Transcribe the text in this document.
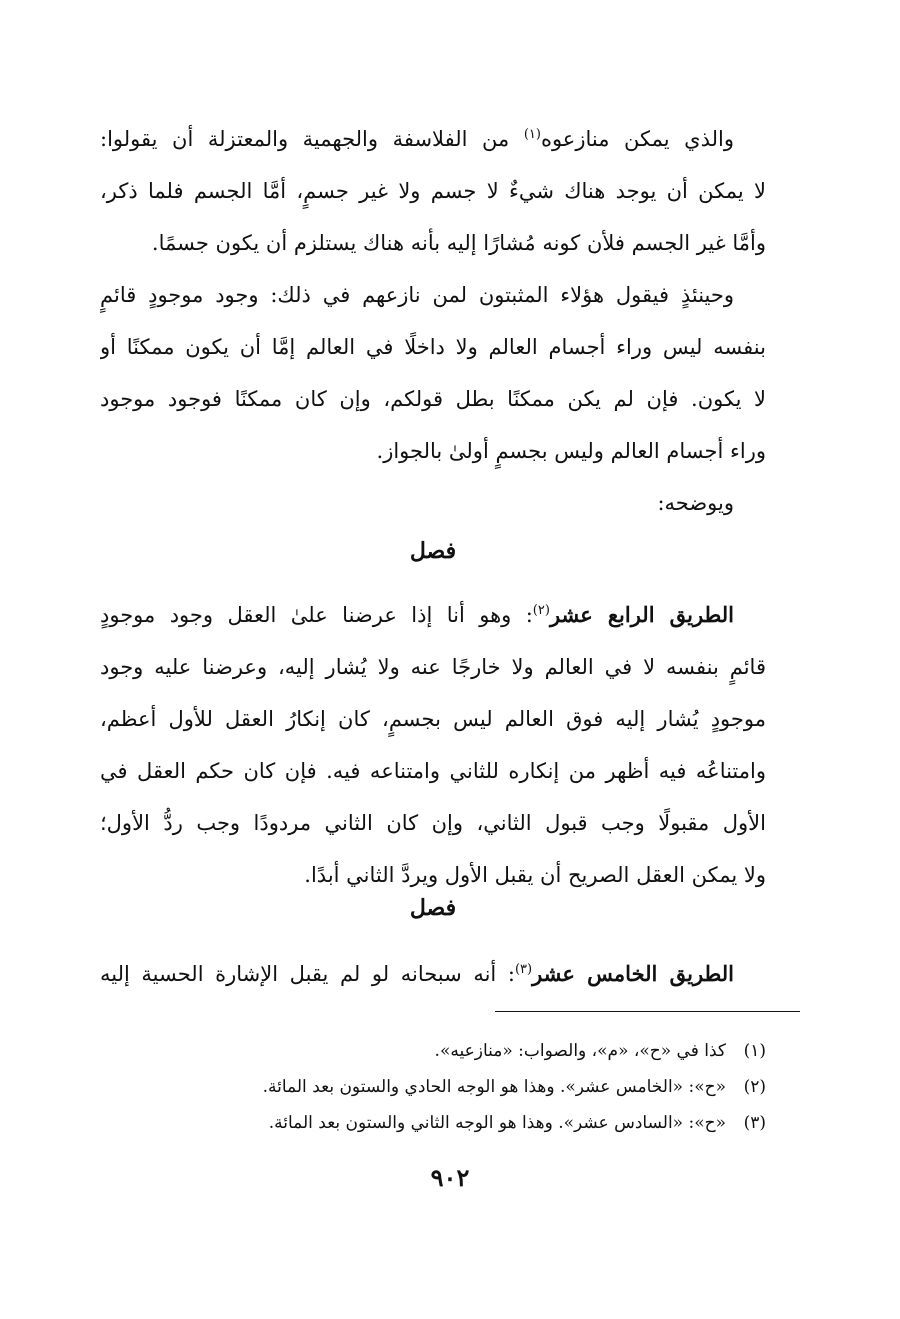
والذي يمكن منازعوه$^{(١)}$ من الفلاسفة والجهمية والمعتزلة أن يقولوا:
لا يمكن أن يوجد هناك شيءٌ لا جسم ولا غير جسمٍ، أمَّا الجسم فلما ذكر،
وأمَّا غير الجسم فلأن كونه مُشارًا إليه بأنه هناك يستلزم أن يكون جسمًا.
وحينئذٍ فيقول هؤلاء المثبتون لمن نازعهم في ذلك: وجود موجودٍ قائمٍ
بنفسه ليس وراء أجسام العالم ولا داخلًا في العالم إمَّا أن يكون ممكنًا أو
لا يكون. فإن لم يكن ممكنًا بطل قولكم، وإن كان ممكنًا فوجود موجود
وراء أجسام العالم وليس بجسمٍ أولىٰ بالجواز.
ويوضحه:
فصل
الطريق الرابع عشر$^{(٢)}$: وهو أنا إذا عرضنا علىٰ العقل وجود موجودٍ
قائمٍ بنفسه لا في العالم ولا خارجًا عنه ولا يُشار إليه، وعرضنا عليه وجود
موجودٍ يُشار إليه فوق العالم ليس بجسمٍ، كان إنكارُ العقل للأول أعظم،
وامتناعُه فيه أظهر من إنكاره للثاني وامتناعه فيه. فإن كان حكم العقل في
الأول مقبولًا وجب قبول الثاني، وإن كان الثاني مردودًا وجب ردُّ الأول؛
ولا يمكن العقل الصريح أن يقبل الأول ويردَّ الثاني أبدًا.
فصل
الطريق الخامس عشر$^{(٣)}$: أنه سبحانه لو لم يقبل الإشارة الحسية إليه
(١)كذا في «ح»، «م»، والصواب: «منازعيه».
(٢)«ح»: «الخامس عشر». وهذا هو الوجه الحادي والستون بعد المائة.
(٣)«ح»: «السادس عشر». وهذا هو الوجه الثاني والستون بعد المائة.
٩٠٢
